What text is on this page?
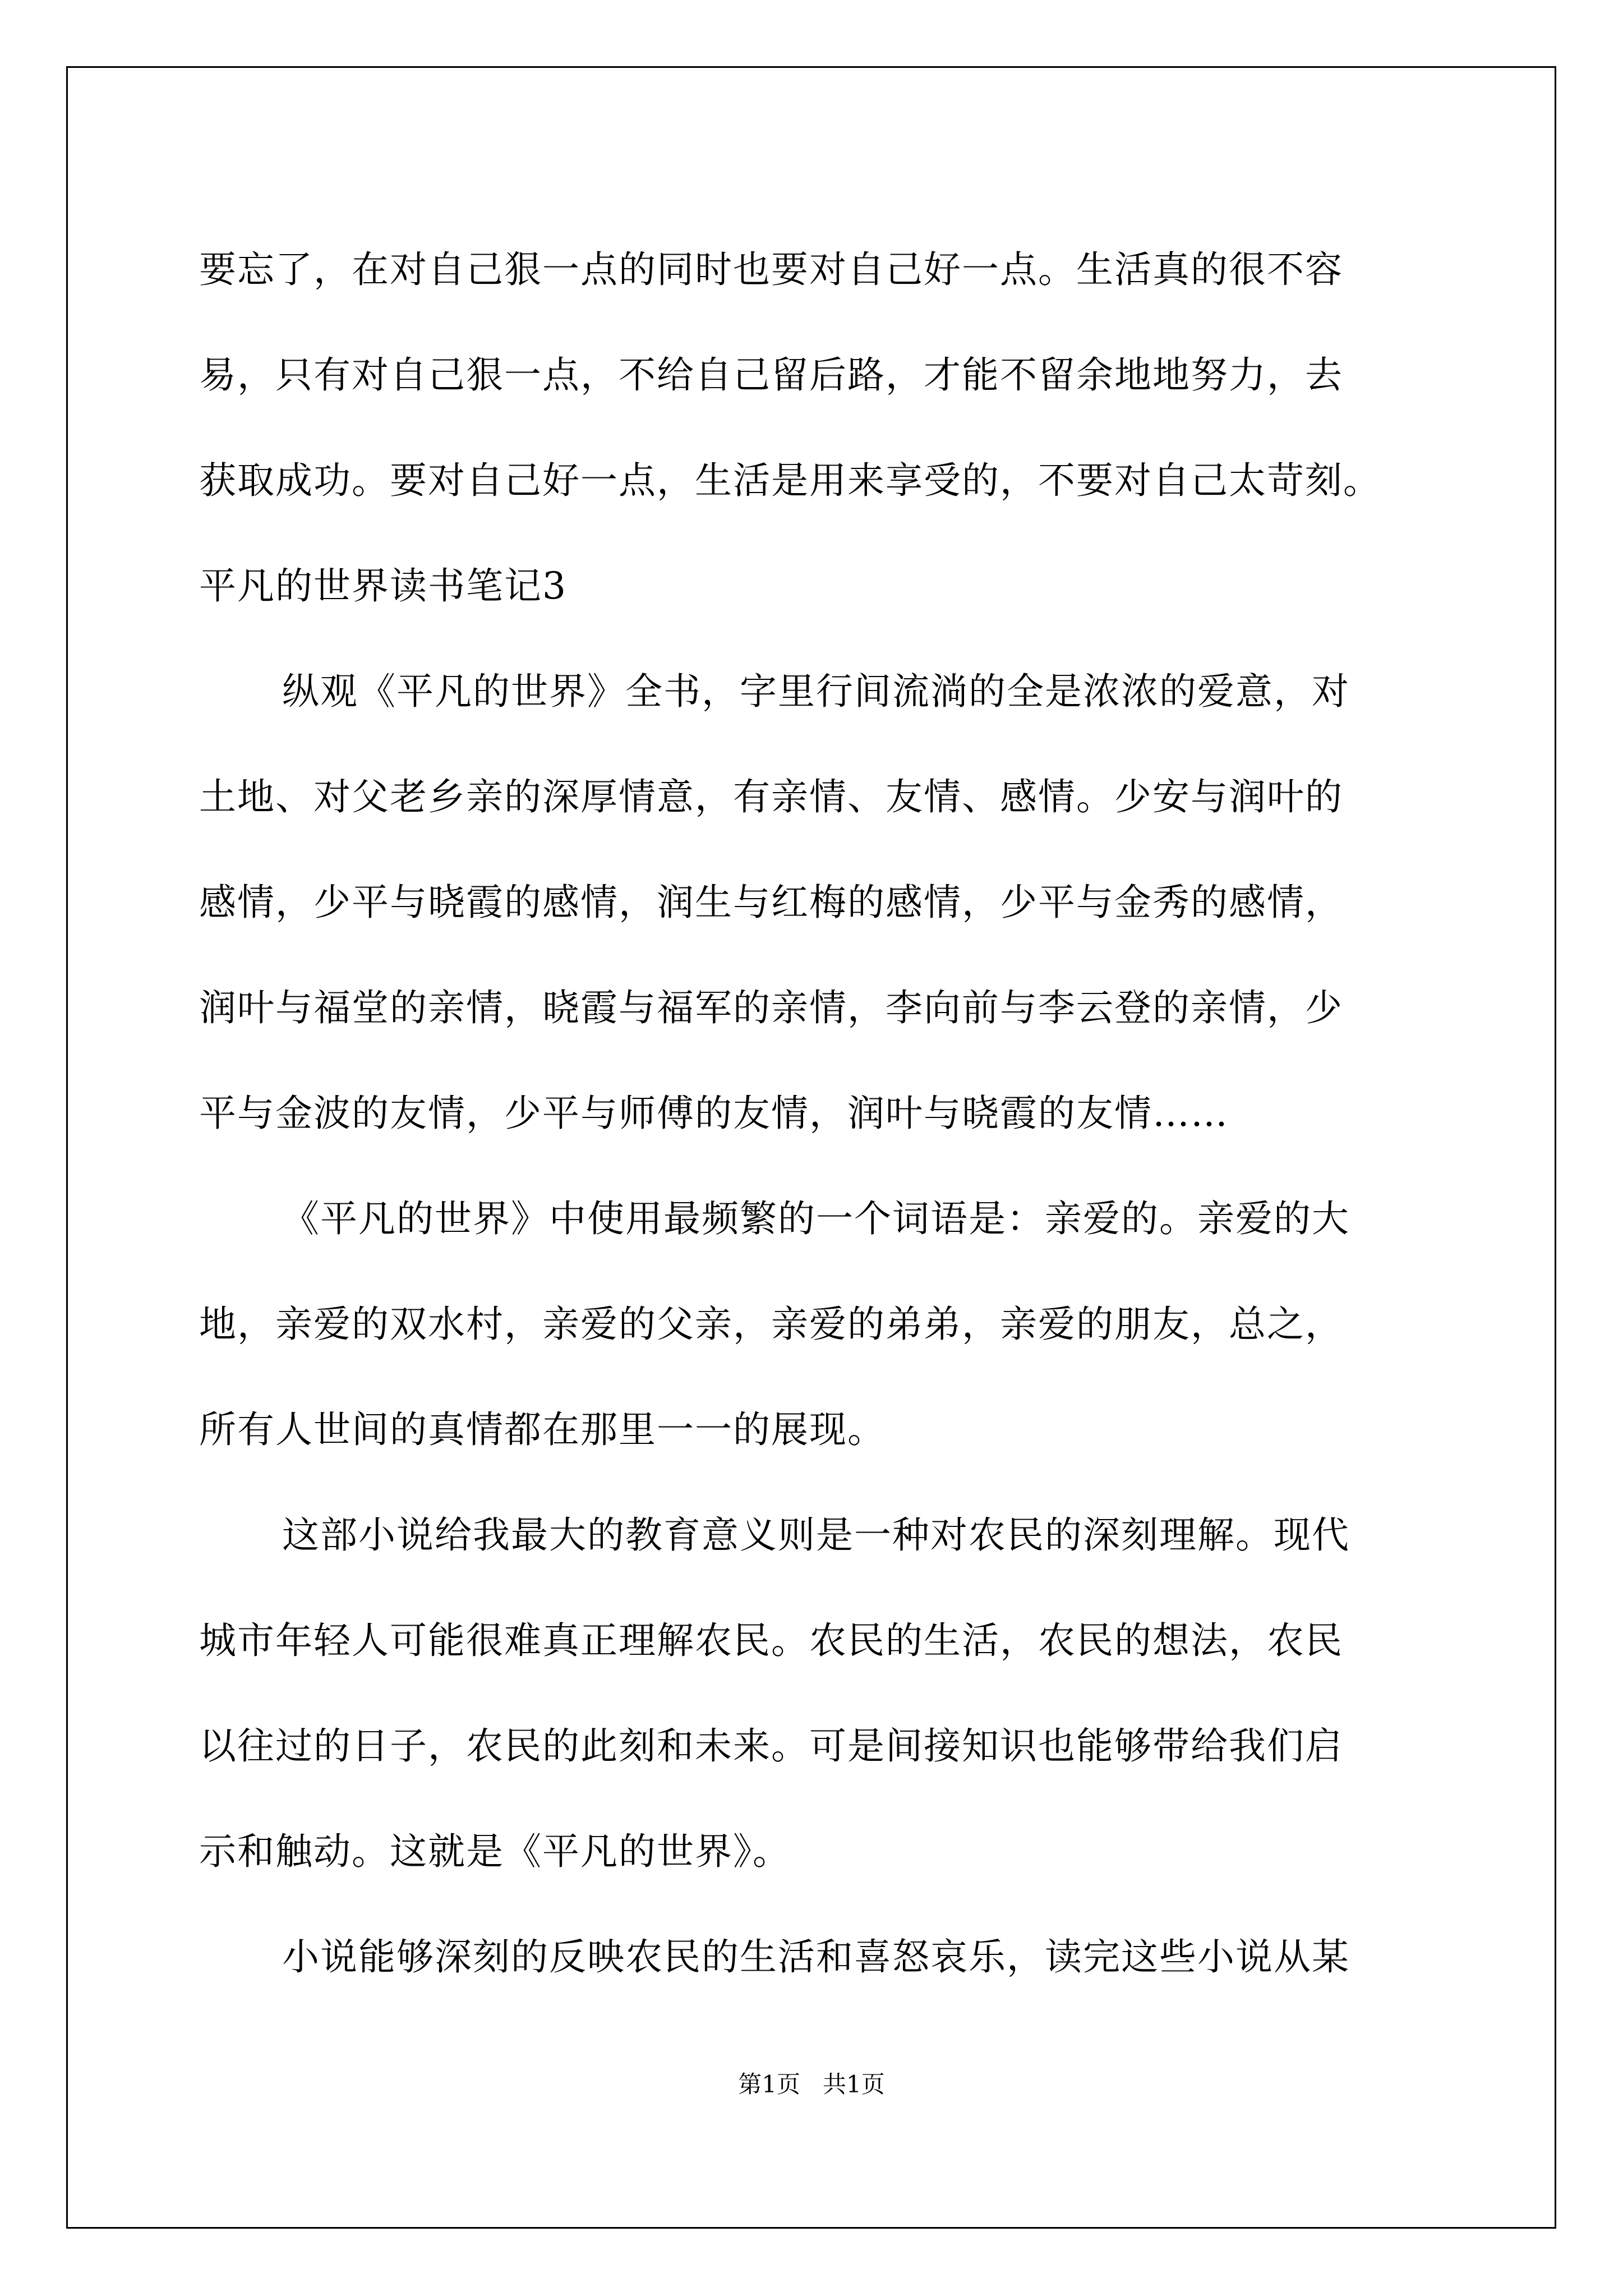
要忘了，在对自己狠一点的同时也要对自己好一点。生活真的很不容
易，只有对自己狠一点，不给自己留后路，才能不留余地地努力，去
获取成功。要对自己好一点，生活是用来享受的，不要对自己太苛刻。
平凡的世界读书笔记3
纵观《平凡的世界》全书，字里行间流淌的全是浓浓的爱意，对
土地、对父老乡亲的深厚情意，有亲情、友情、感情。少安与润叶的
感情，少平与晓霞的感情，润生与红梅的感情，少平与金秀的感情，
润叶与福堂的亲情，晓霞与福军的亲情，李向前与李云登的亲情，少
平与金波的友情，少平与师傅的友情，润叶与晓霞的友情……
《平凡的世界》中使用最频繁的一个词语是：亲爱的。亲爱的大
地，亲爱的双水村，亲爱的父亲，亲爱的弟弟，亲爱的朋友，总之，
所有人世间的真情都在那里一一的展现。
这部小说给我最大的教育意义则是一种对农民的深刻理解。现代
城市年轻人可能很难真正理解农民。农民的生活，农民的想法，农民
以往过的日子，农民的此刻和未来。可是间接知识也能够带给我们启
示和触动。这就是《平凡的世界》。
小说能够深刻的反映农民的生活和喜怒哀乐，读完这些小说从某
第1页   共1页
